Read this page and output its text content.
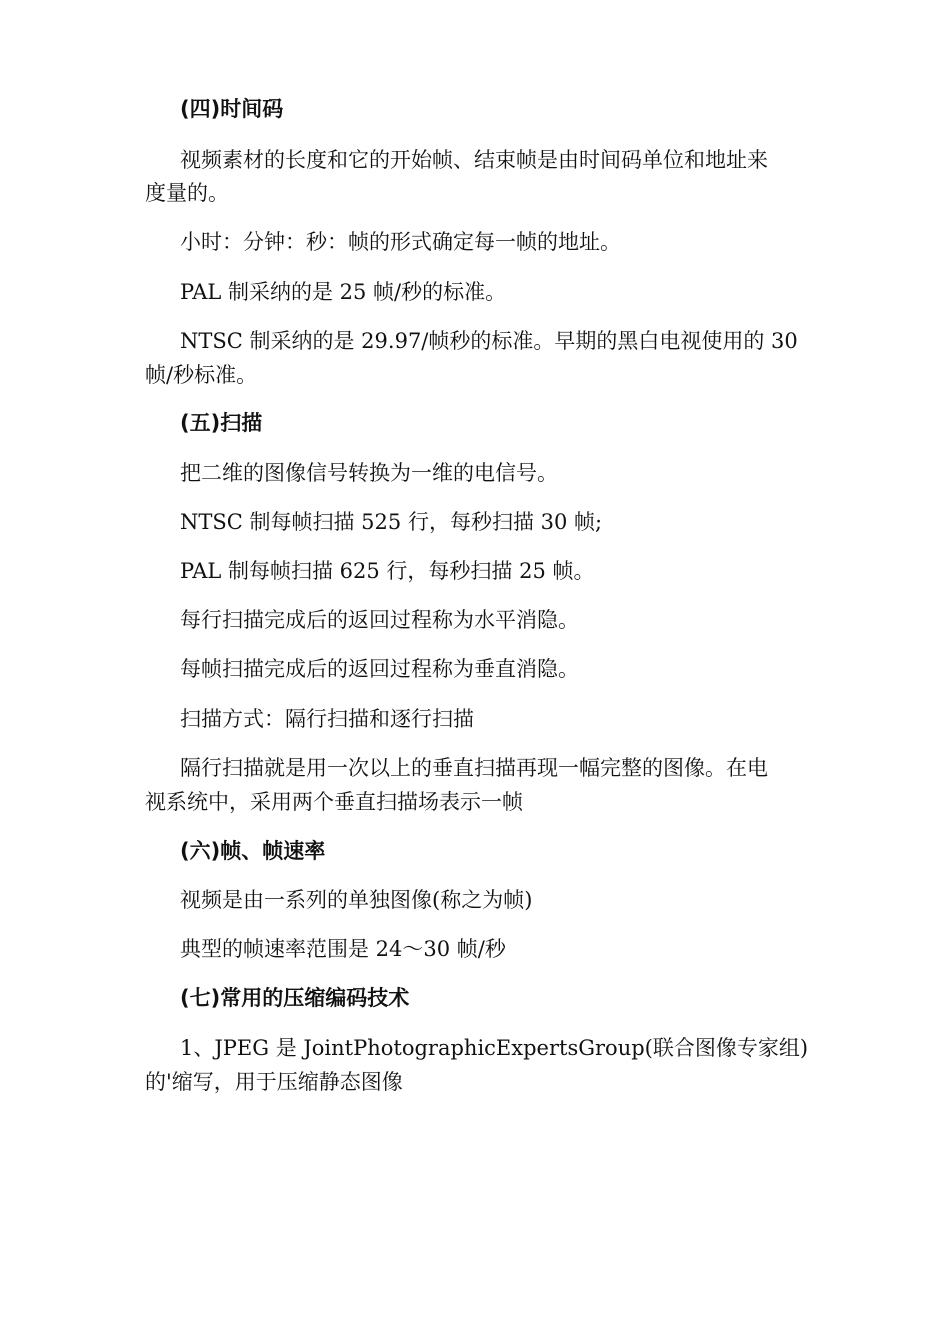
(四)时间码

视频素材的长度和它的开始帧、结束帧是由时间码单位和地址来

度量的。

小时：分钟：秒：帧的形式确定每一帧的地址。

PAL 制采纳的是 25 帧/秒的标准。

NTSC 制采纳的是 29.97/帧秒的标准。早期的黑白电视使用的 30

帧/秒标准。

(五)扫描

把二维的图像信号转换为一维的电信号。

NTSC 制每帧扫描 525 行，每秒扫描 30 帧;

PAL 制每帧扫描 625 行，每秒扫描 25 帧。

每行扫描完成后的返回过程称为水平消隐。

每帧扫描完成后的返回过程称为垂直消隐。

扫描方式：隔行扫描和逐行扫描

隔行扫描就是用一次以上的垂直扫描再现一幅完整的图像。在电

视系统中，采用两个垂直扫描场表示一帧

(六)帧、帧速率

视频是由一系列的单独图像(称之为帧)

典型的帧速率范围是 24～30 帧/秒

(七)常用的压缩编码技术

1、JPEG 是 JointPhotographicExpertsGroup(联合图像专家组)

的'缩写，用于压缩静态图像
